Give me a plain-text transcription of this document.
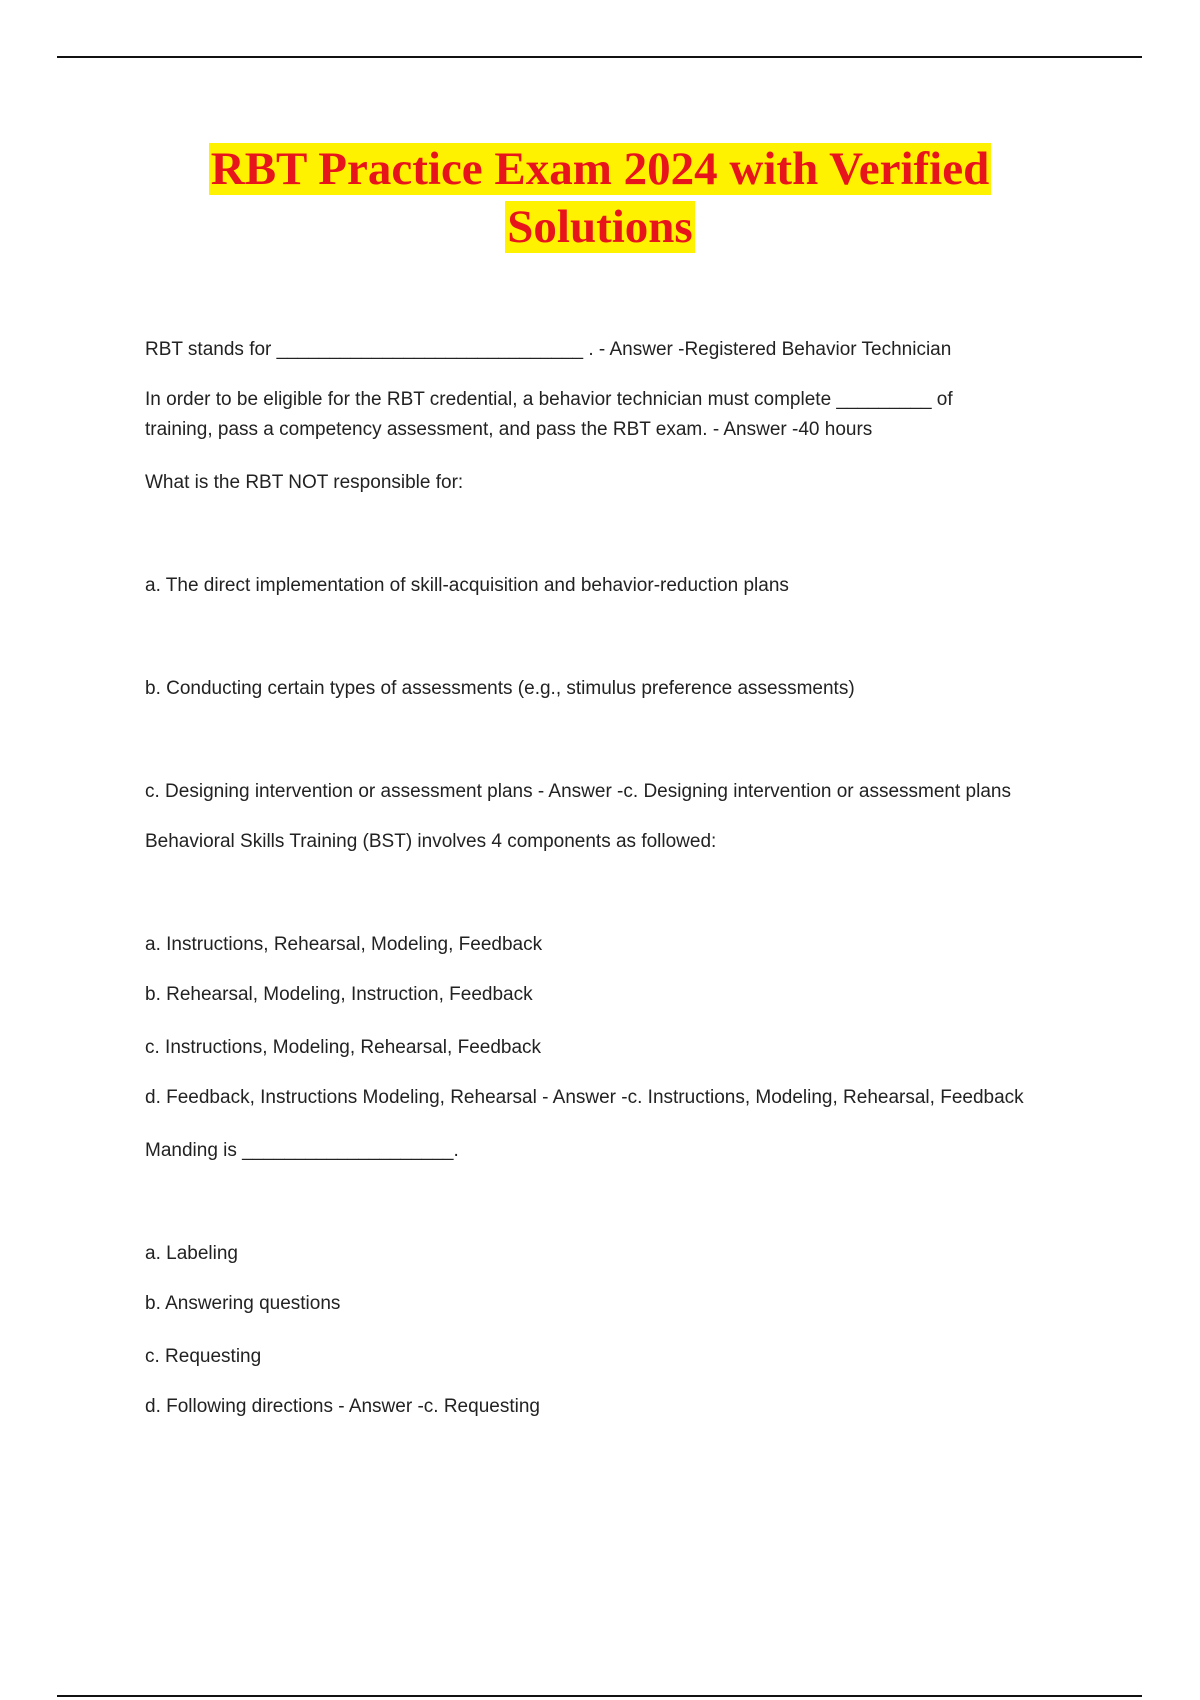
RBT Practice Exam 2024 with Verified
Solutions
RBT stands for _____________________________ . - Answer -Registered Behavior Technician
In order to be eligible for the RBT credential, a behavior technician must complete _________ of training, pass a competency assessment, and pass the RBT exam. - Answer -40 hours
What is the RBT NOT responsible for:
a. The direct implementation of skill-acquisition and behavior-reduction plans
b. Conducting certain types of assessments (e.g., stimulus preference assessments)
c. Designing intervention or assessment plans - Answer -c. Designing intervention or assessment plans
Behavioral Skills Training (BST) involves 4 components as followed:
a. Instructions, Rehearsal, Modeling, Feedback
b. Rehearsal, Modeling, Instruction, Feedback
c. Instructions, Modeling, Rehearsal, Feedback
d. Feedback, Instructions Modeling, Rehearsal - Answer -c. Instructions, Modeling, Rehearsal, Feedback
Manding is ____________________.
a. Labeling
b. Answering questions
c. Requesting
d. Following directions - Answer -c. Requesting
